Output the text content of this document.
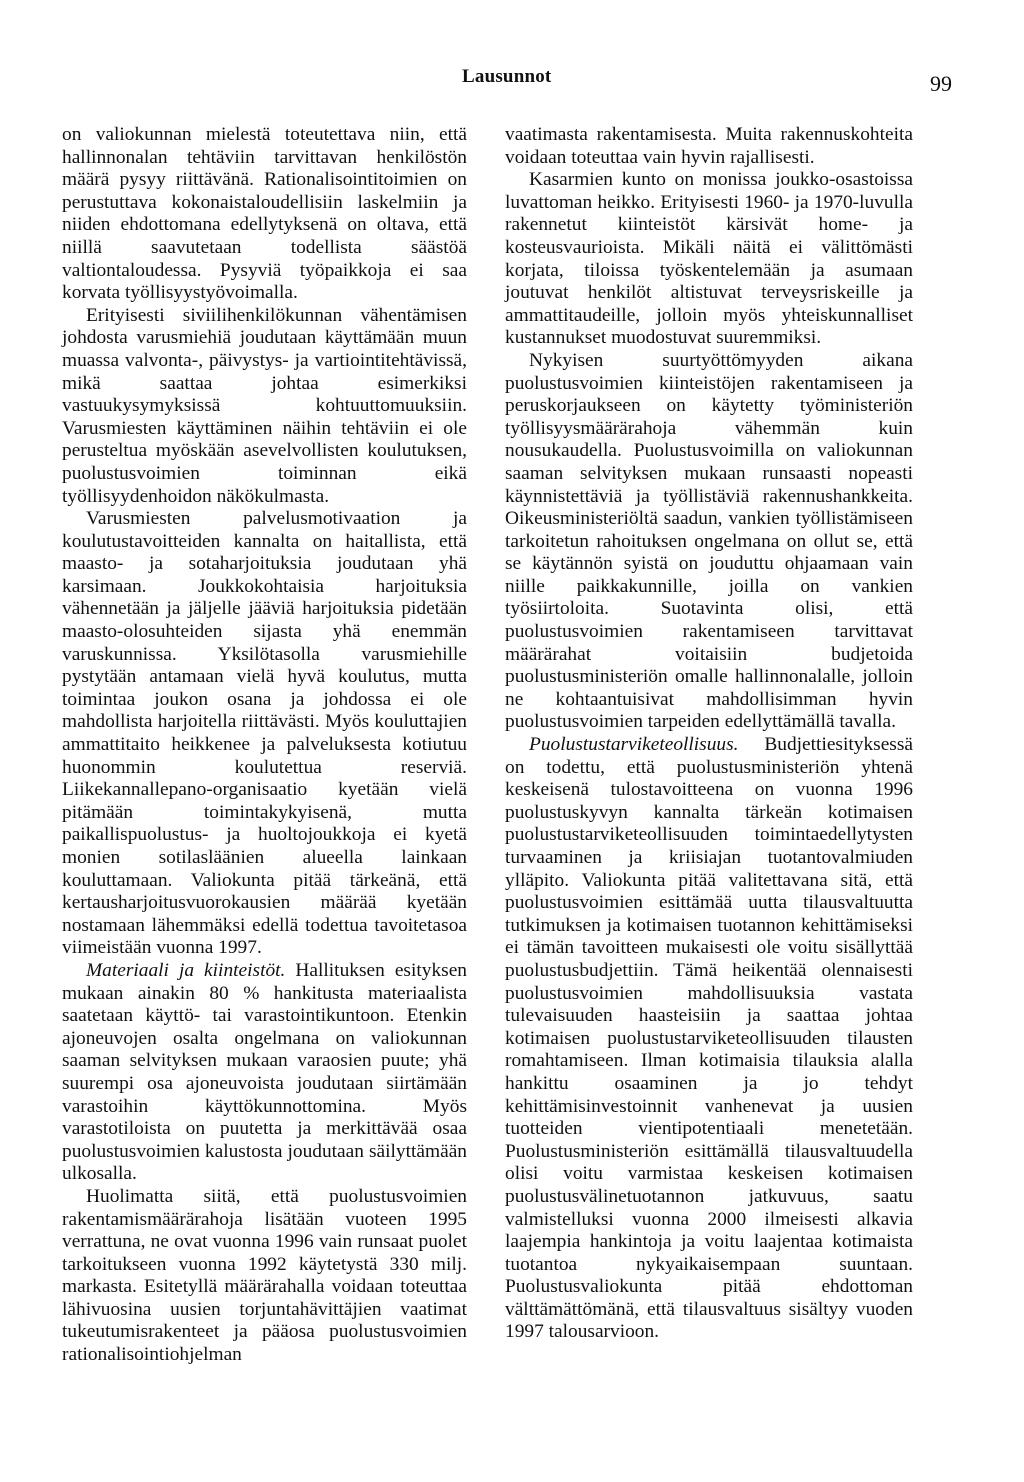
Lausunnot	99

on valiokunnan mielestä toteutettava niin, että hallinnonalan tehtäviin tarvittavan henkilöstön määrä pysyy riittävänä. Rationalisointitoimien on perustuttava kokonaistaloudellisiin laskelmiin ja niiden ehdottomana edellytyksenä on oltava, että niillä saavutetaan todellista säästöä valtiontaloudessa. Pysyviä työpaikkoja ei saa korvata työllisyystyövoimalla.

Erityisesti siviilihenkilökunnan vähentämisen johdosta varusmiehiä joudutaan käyttämään muun muassa valvonta-, päivystys- ja vartiointitehtävissä, mikä saattaa johtaa esimerkiksi vastuukysymyksissä kohtuuttomuuksiin. Varusmiesten käyttäminen näihin tehtäviin ei ole perusteltua myöskään asevelvollisten koulutuksen, puolustusvoimien toiminnan eikä työllisyydenhoidon näkökulmasta.

Varusmiesten palvelusmotivaation ja koulutustavoitteiden kannalta on haitallista, että maasto- ja sotaharjoituksia joudutaan yhä karsimaan. Joukkokohtaisia harjoituksia vähennetään ja jäljelle jääviä harjoituksia pidetään maasto-olosuhteiden sijasta yhä enemmän varuskunnissa. Yksilötasolla varusmiehille pystytään antamaan vielä hyvä koulutus, mutta toimintaa joukon osana ja johdossa ei ole mahdollista harjoitella riittävästi. Myös kouluttajien ammattitaito heikkenee ja palveluksesta kotiutuu huonommin koulutettua reserviä. Liikekannallepano-organisaatio kyetään vielä pitämään toimintakykyisenä, mutta paikallispuolustus- ja huoltojoukkoja ei kyetä monien sotilasläänien alueella lainkaan kouluttamaan. Valiokunta pitää tärkeänä, että kertausharjoitusvuorokausien määrää kyetään nostamaan lähemmäksi edellä todettua tavoitetasoa viimeistään vuonna 1997.

Materiaali ja kiinteistöt. Hallituksen esityksen mukaan ainakin 80 % hankitusta materiaalista saatetaan käyttö- tai varastointikuntoon. Etenkin ajoneuvojen osalta ongelmana on valiokunnan saaman selvityksen mukaan varaosien puute; yhä suurempi osa ajoneuvoista joudutaan siirtämään varastoihin käyttökunnottomina. Myös varastotiloista on puutetta ja merkittävää osaa puolustusvoimien kalustosta joudutaan säilyttämään ulkosalla.

Huolimatta siitä, että puolustusvoimien rakentamismäärärahoja lisätään vuoteen 1995 verrattuna, ne ovat vuonna 1996 vain runsaat puolet tarkoitukseen vuonna 1992 käytetystä 330 milj. markasta. Esitetyllä määrärahalla voidaan toteuttaa lähivuosina uusien torjuntahävittäjien vaatimat tukeutumisrakenteet ja pääosa puolustusvoimien rationalisointiohjelman

vaatimasta rakentamisesta. Muita rakennuskohteita voidaan toteuttaa vain hyvin rajallisesti.

Kasarmien kunto on monissa joukko-osastoissa luvattoman heikko. Erityisesti 1960- ja 1970-luvulla rakennetut kiinteistöt kärsivät home- ja kosteusvaurioista. Mikäli näitä ei välittömästi korjata, tiloissa työskentelemään ja asumaan joutuvat henkilöt altistuvat terveysriskeille ja ammattitaudeille, jolloin myös yhteiskunnalliset kustannukset muodostuvat suuremmiksi.

Nykyisen suurtyöttömyyden aikana puolustusvoimien kiinteistöjen rakentamiseen ja peruskorjaukseen on käytetty työministeriön työllisyysmäärärahoja vähemmän kuin nousukaudella. Puolustusvoimilla on valiokunnan saaman selvityksen mukaan runsaasti nopeasti käynnistettäviä ja työllistäviä rakennushankkeita. Oikeusministeriöltä saadun, vankien työllistämiseen tarkoitetun rahoituksen ongelmana on ollut se, että se käytännön syistä on jouduttu ohjaamaan vain niille paikkakunnille, joilla on vankien työsiirtoloita. Suotavinta olisi, että puolustusvoimien rakentamiseen tarvittavat määrärahat voitaisiin budjetoida puolustusministeriön omalle hallinnonalalle, jolloin ne kohtaantuisivat mahdollisimman hyvin puolustusvoimien tarpeiden edellyttämällä tavalla.

Puolustustarviketeollisuus. Budjettiesityksessä on todettu, että puolustusministeriön yhtenä keskeisenä tulostavoitteena on vuonna 1996 puolustuskyvyn kannalta tärkeän kotimaisen puolustustarviketeollisuuden toimintaedellytysten turvaaminen ja kriisiajan tuotantovalmiuden ylläpito. Valiokunta pitää valitettavana sitä, että puolustusvoimien esittämää uutta tilausvaltuutta tutkimuksen ja kotimaisen tuotannon kehittämiseksi ei tämän tavoitteen mukaisesti ole voitu sisällyttää puolustusbudjettiin. Tämä heikentää olennaisesti puolustusvoimien mahdollisuuksia vastata tulevaisuuden haasteisiin ja saattaa johtaa kotimaisen puolustustarviketeollisuuden tilausten romahtamiseen. Ilman kotimaisia tilauksia alalla hankittu osaaminen ja jo tehdyt kehittämisinvestoinnit vanhenevat ja uusien tuotteiden vientipotentiaali menetetään. Puolustusministeriön esittämällä tilausvaltuudella olisi voitu varmistaa keskeisen kotimaisen puolustusvälinetuotannon jatkuvuus, saatu valmistelluksi vuonna 2000 ilmeisesti alkavia laajempia hankintoja ja voitu laajentaa kotimaista tuotantoa nykyaikaisempaan suuntaan. Puolustusvaliokunta pitää ehdottoman välttämättömänä, että tilausvaltuus sisältyy vuoden 1997 talousarvioon.
